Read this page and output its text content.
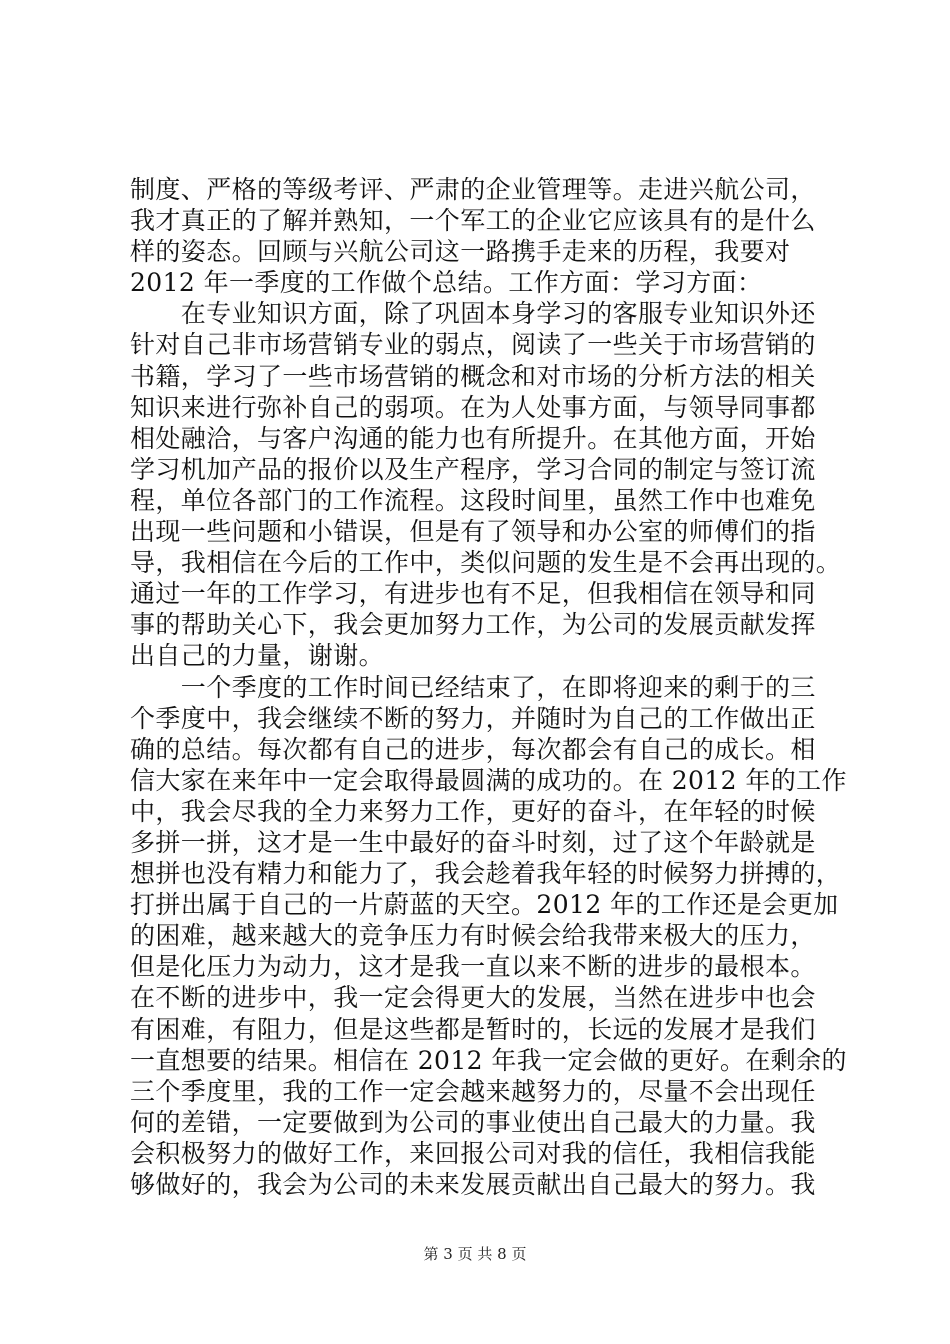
制度、严格的等级考评、严肃的企业管理等。走进兴航公司，
我才真正的了解并熟知，一个军工的企业它应该具有的是什么
样的姿态。回顾与兴航公司这一路携手走来的历程，我要对
2012 年一季度的工作做个总结。工作方面：学习方面：
　　在专业知识方面，除了巩固本身学习的客服专业知识外还
针对自己非市场营销专业的弱点，阅读了一些关于市场营销的
书籍，学习了一些市场营销的概念和对市场的分析方法的相关
知识来进行弥补自己的弱项。在为人处事方面，与领导同事都
相处融洽，与客户沟通的能力也有所提升。在其他方面，开始
学习机加产品的报价以及生产程序，学习合同的制定与签订流
程，单位各部门的工作流程。这段时间里，虽然工作中也难免
出现一些问题和小错误，但是有了领导和办公室的师傅们的指
导，我相信在今后的工作中，类似问题的发生是不会再出现的。
通过一年的工作学习，有进步也有不足，但我相信在领导和同
事的帮助关心下，我会更加努力工作，为公司的发展贡献发挥
出自己的力量，谢谢。
　　一个季度的工作时间已经结束了，在即将迎来的剩于的三
个季度中，我会继续不断的努力，并随时为自己的工作做出正
确的总结。每次都有自己的进步，每次都会有自己的成长。相
信大家在来年中一定会取得最圆满的成功的。在 2012 年的工作
中，我会尽我的全力来努力工作，更好的奋斗，在年轻的时候
多拼一拼，这才是一生中最好的奋斗时刻，过了这个年龄就是
想拼也没有精力和能力了，我会趁着我年轻的时候努力拼搏的，
打拼出属于自己的一片蔚蓝的天空。2012 年的工作还是会更加
的困难，越来越大的竞争压力有时候会给我带来极大的压力，
但是化压力为动力，这才是我一直以来不断的进步的最根本。
在不断的进步中，我一定会得更大的发展，当然在进步中也会
有困难，有阻力，但是这些都是暂时的，长远的发展才是我们
一直想要的结果。相信在 2012 年我一定会做的更好。在剩余的
三个季度里，我的工作一定会越来越努力的，尽量不会出现任
何的差错，一定要做到为公司的事业使出自己最大的力量。我
会积极努力的做好工作，来回报公司对我的信任，我相信我能
够做好的，我会为公司的未来发展贡献出自己最大的努力。我
第 3 页 共 8 页
